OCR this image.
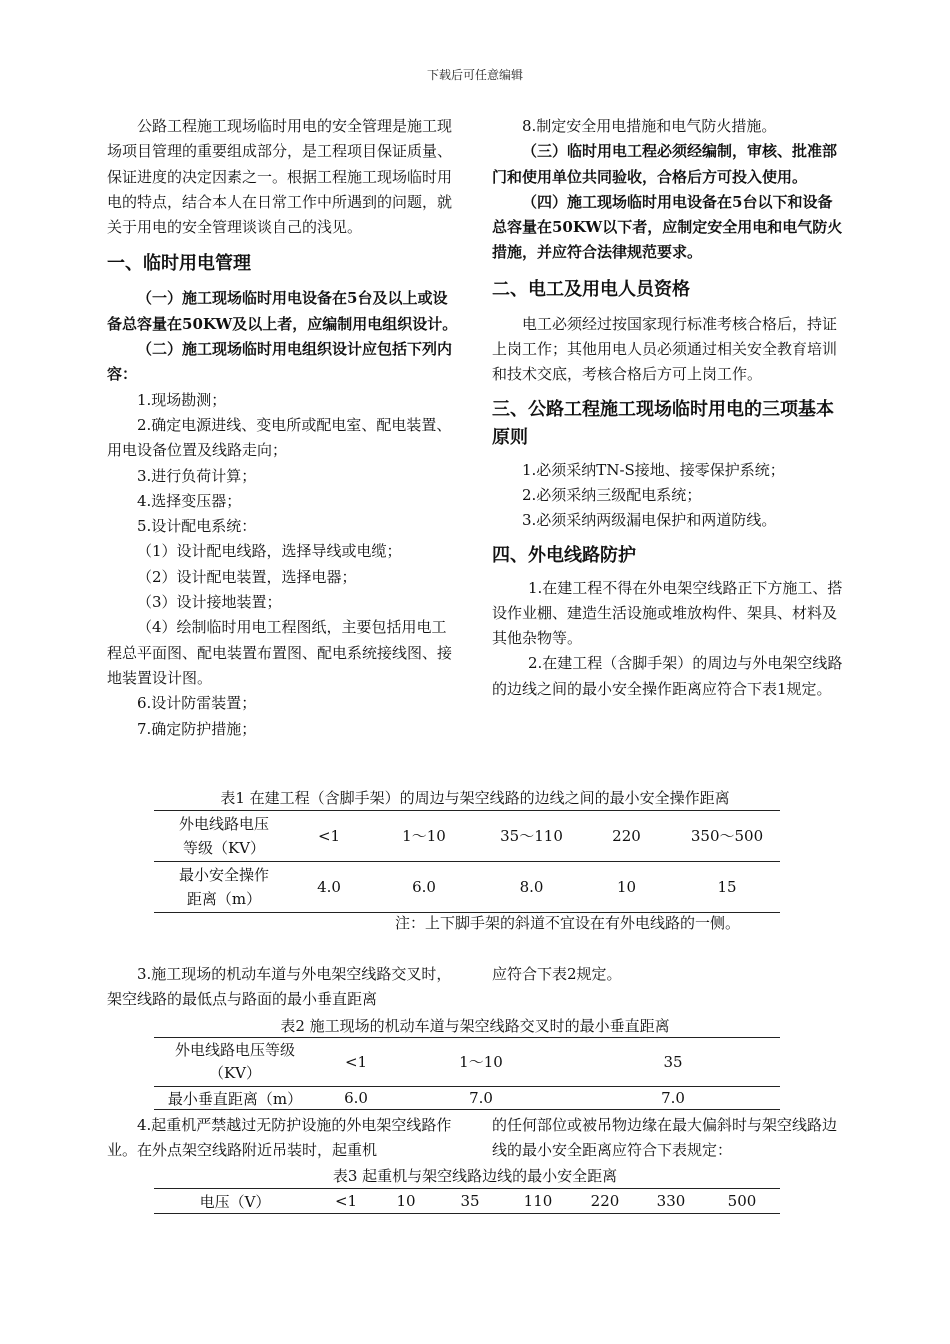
下载后可任意编辑

公路工程施工现场临时用电的安全管理是施工现场项目管理的重要组成部分，是工程项目保证质量、保证进度的决定因素之一。根据工程施工现场临时用电的特点，结合本人在日常工作中所遇到的问题，就关于用电的安全管理谈谈自己的浅见。

一、临时用电管理

（一）施工现场临时用电设备在5台及以上或设备总容量在50KW及以上者，应编制用电组织设计。

（二）施工现场临时用电组织设计应包括下列内容：

1.现场勘测；

2.确定电源进线、变电所或配电室、配电装置、用电设备位置及线路走向；

3.进行负荷计算；

4.选择变压器；

5.设计配电系统：

（1）设计配电线路，选择导线或电缆；

（2）设计配电装置，选择电器；

（3）设计接地装置；

（4）绘制临时用电工程图纸，主要包括用电工程总平面图、配电装置布置图、配电系统接线图、接地装置设计图。

6.设计防雷装置；

7.确定防护措施；

8.制定安全用电措施和电气防火措施。

（三）临时用电工程必须经编制，审核、批准部门和使用单位共同验收，合格后方可投入使用。

（四）施工现场临时用电设备在5台以下和设备总容量在50KW以下者，应制定安全用电和电气防火措施，并应符合法律规范要求。

二、电工及用电人员资格

电工必须经过按国家现行标准考核合格后，持证上岗工作；其他用电人员必须通过相关安全教育培训和技术交底，考核合格后方可上岗工作。

三、公路工程施工现场临时用电的三项基本原则

1.必须采纳TN-S接地、接零保护系统；

2.必须采纳三级配电系统；

3.必须采纳两级漏电保护和两道防线。

四、外电线路防护

1.在建工程不得在外电架空线路正下方施工、搭设作业棚、建造生活设施或堆放构件、架具、材料及其他杂物等。

2.在建工程（含脚手架）的周边与外电架空线路的边线之间的最小安全操作距离应符合下表1规定。

表1 在建工程（含脚手架）的周边与架空线路的边线之间的最小安全操作距离
外电线路电压
等级（KV）	<1	1～10	35～110	220	350～500
最小安全操作
距离（m）	4.0	6.0	8.0	10	15
注：上下脚手架的斜道不宜设在有外电线路的一侧。
3.施工现场的机动车道与外电架空线路交叉时，架空线路的最低点与路面的最小垂直距离
应符合下表2规定。
表2 施工现场的机动车道与架空线路交叉时的最小垂直距离
外电线路电压等级
（KV）	<1	1～10	35
最小垂直距离（m）	6.0	7.0	7.0
4.起重机严禁越过无防护设施的外电架空线路作业。在外点架空线路附近吊装时，起重机
的任何部位或被吊物边缘在最大偏斜时与架空线路边线的最小安全距离应符合下表规定：
表3 起重机与架空线路边线的最小安全距离
电压（V）	<1	10	35	110	220	330	500
